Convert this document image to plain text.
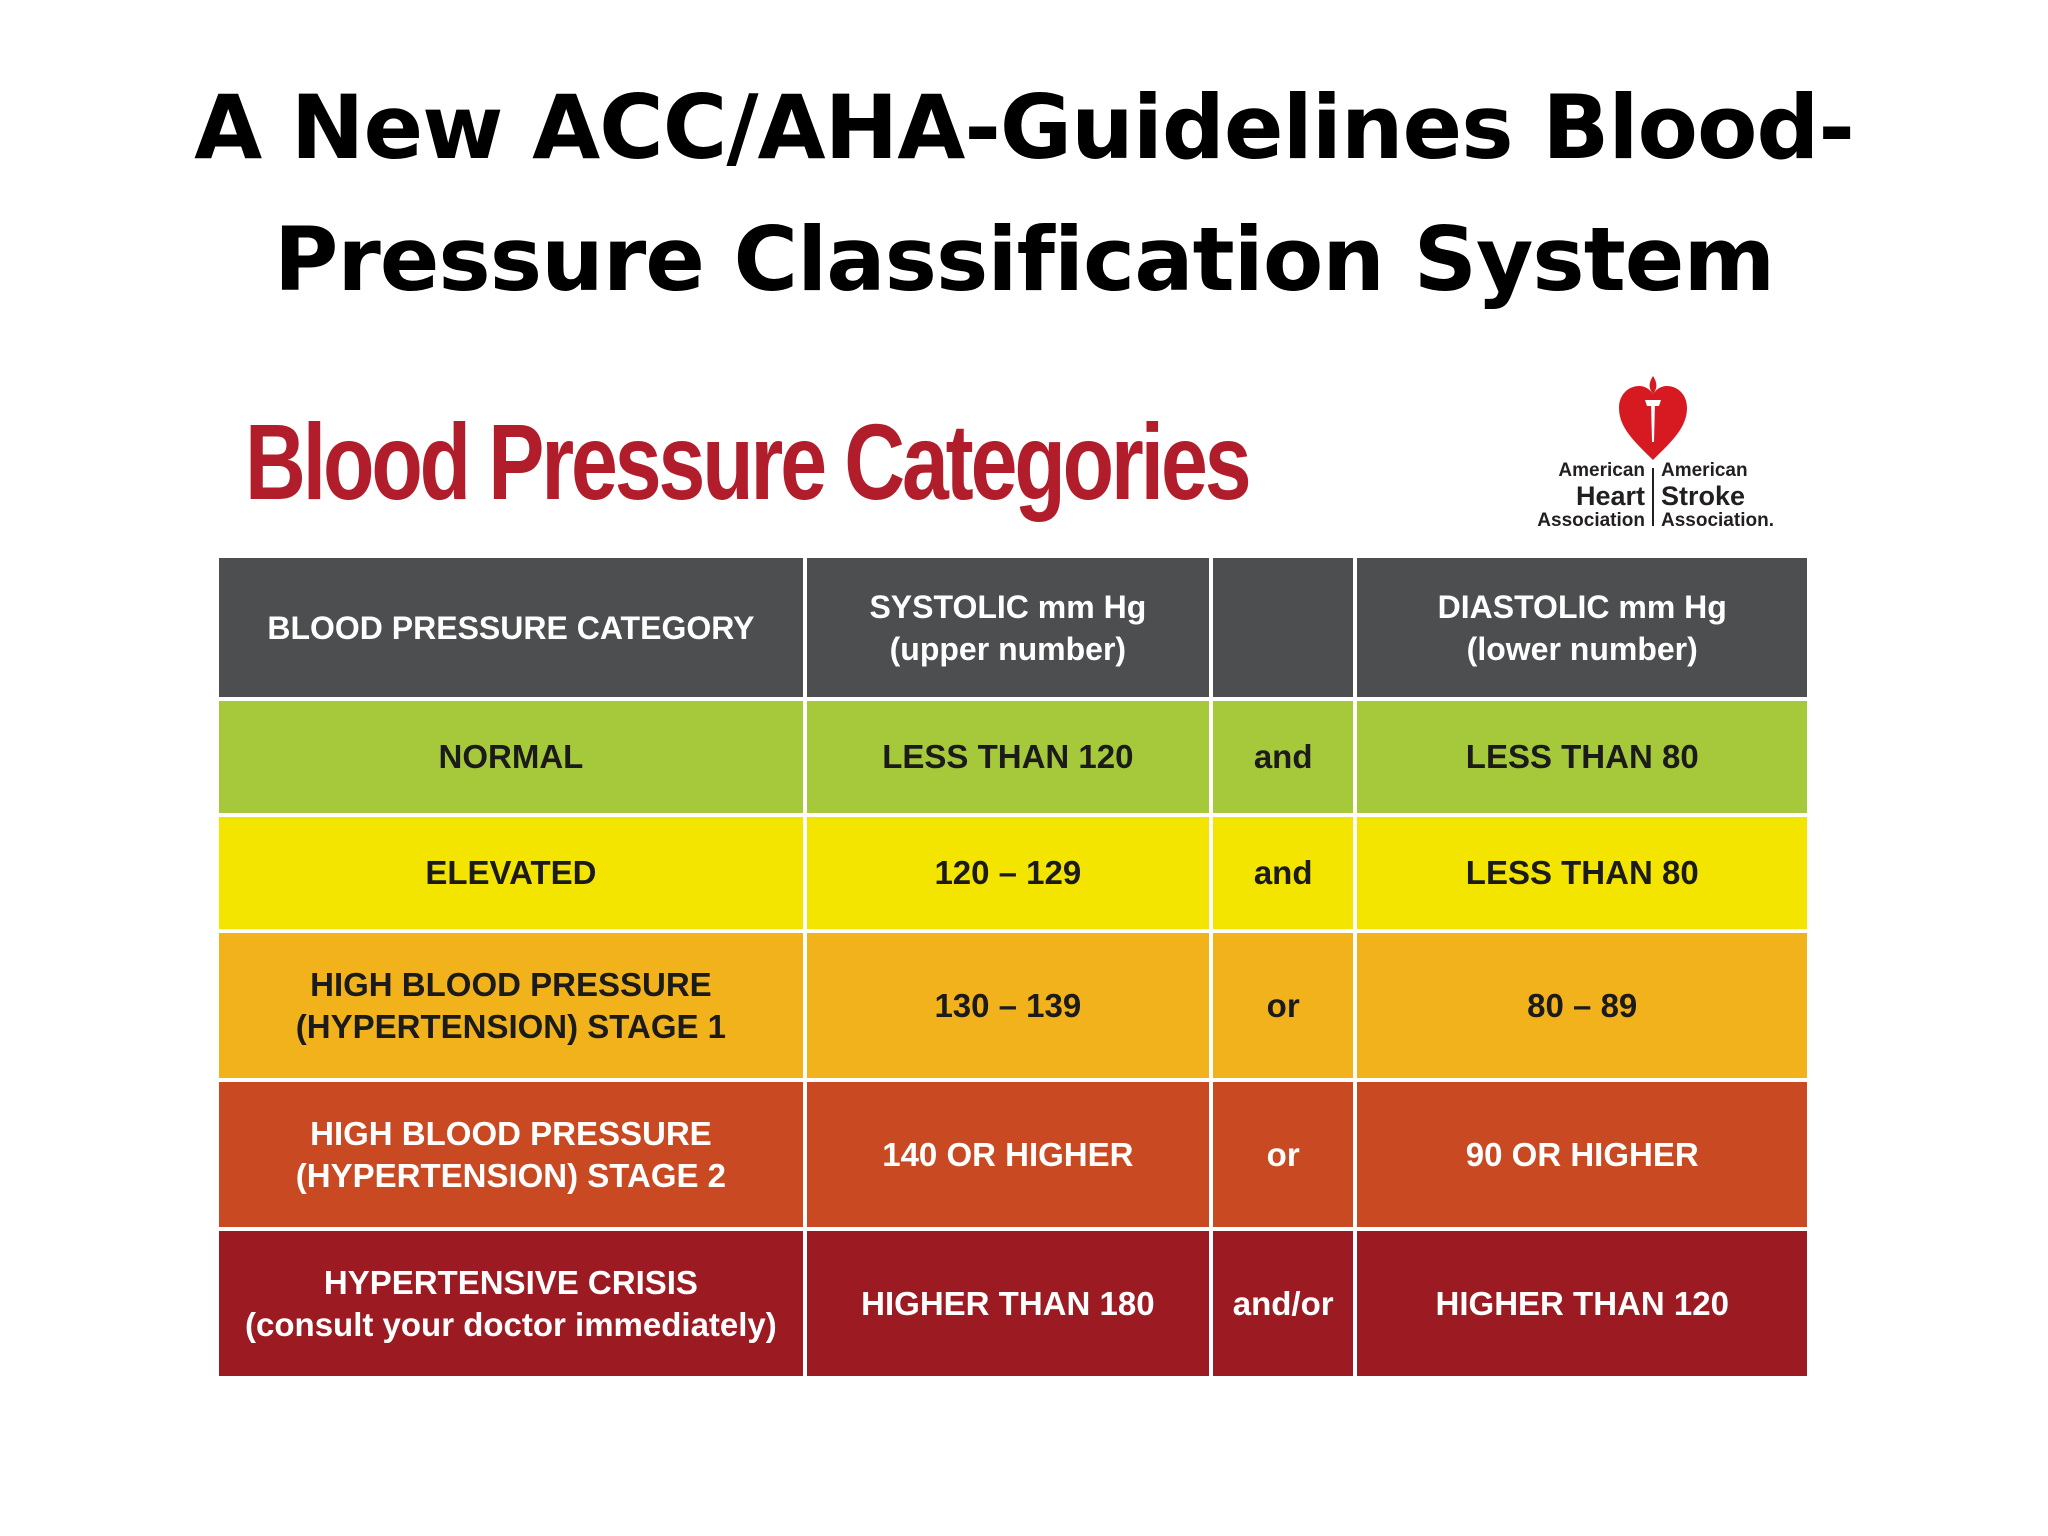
A New ACC/AHA-Guidelines Blood-
Pressure Classification System
Blood Pressure Categories	American
Heart
Association
American
Stroke
Association.
BLOOD PRESSURE CATEGORY	SYSTOLIC mm Hg
(upper number)		DIASTOLIC mm Hg
(lower number)

NORMAL	LESS THAN 120	and	LESS THAN 80

ELEVATED	120 – 129	and	LESS THAN 80

HIGH BLOOD PRESSURE
(HYPERTENSION) STAGE 1	130 – 139	or	80 – 89

HIGH BLOOD PRESSURE
(HYPERTENSION) STAGE 2	140 OR HIGHER	or	90 OR HIGHER

HYPERTENSIVE CRISIS
(consult your doctor immediately)	HIGHER THAN 180	and/or	HIGHER THAN 120
